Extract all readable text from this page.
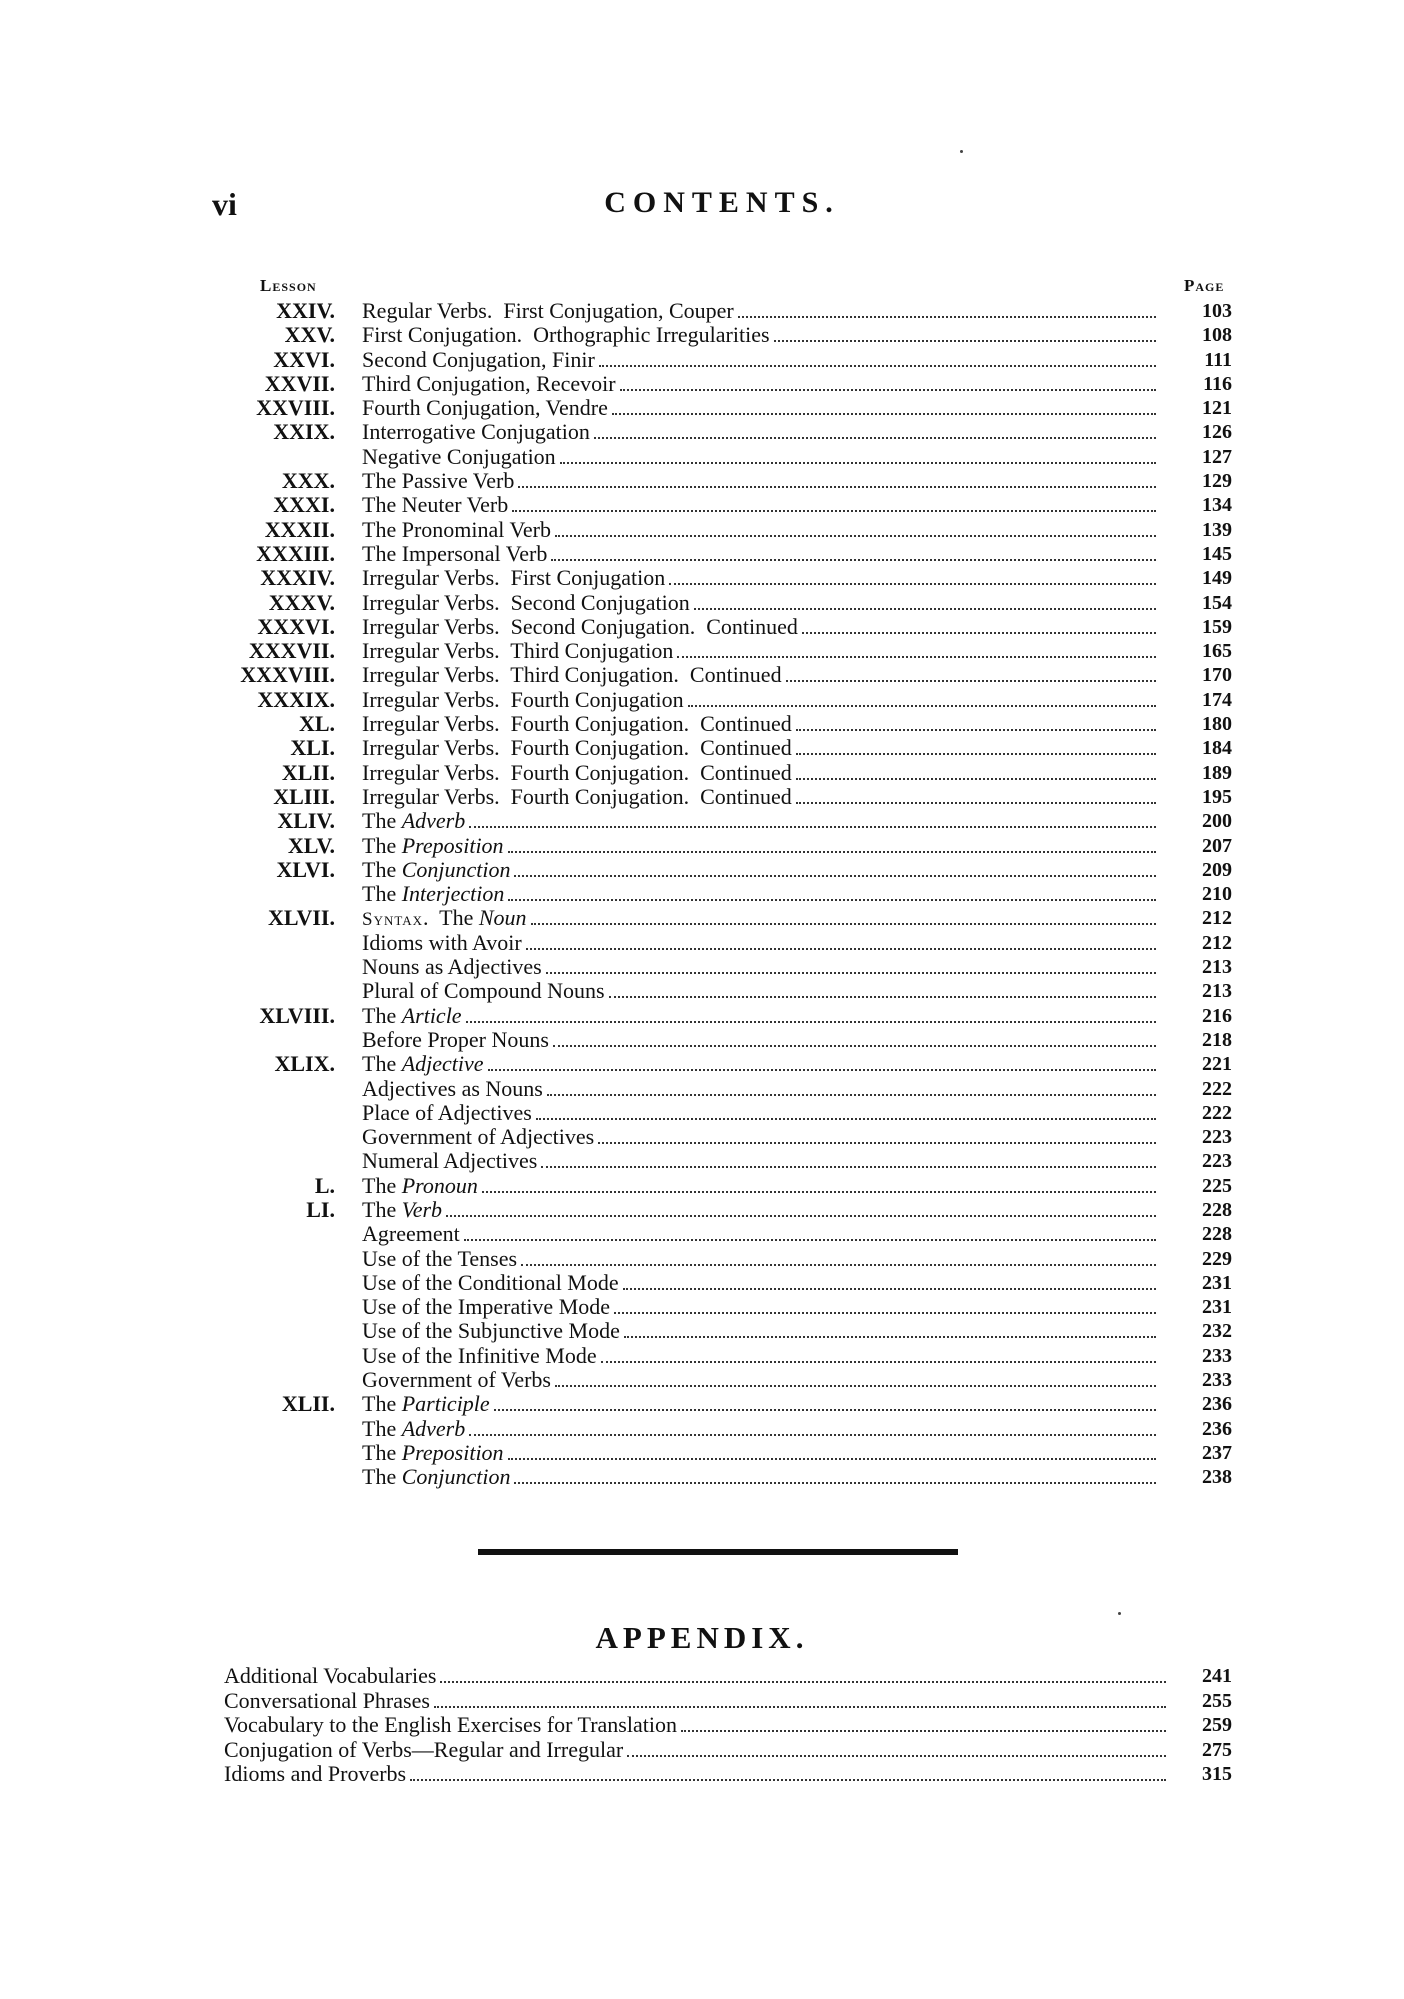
vi	CONTENTS.
Lesson	Page
XXIV. Regular Verbs.  First Conjugation, Couper	103
XXV. First Conjugation.  Orthographic Irregularities	108
XXVI. Second Conjugation, Finir	111
XXVII. Third Conjugation, Recevoir	116
XXVIII. Fourth Conjugation, Vendre	121
XXIX. Interrogative Conjugation	126
Negative Conjugation	127
XXX. The Passive Verb	129
XXXI. The Neuter Verb	134
XXXII. The Pronominal Verb	139
XXXIII. The Impersonal Verb	145
XXXIV. Irregular Verbs.  First Conjugation	149
XXXV. Irregular Verbs.  Second Conjugation	154
XXXVI. Irregular Verbs.  Second Conjugation.  Continued	159
XXXVII. Irregular Verbs.  Third Conjugation	165
XXXVIII. Irregular Verbs.  Third Conjugation.  Continued	170
XXXIX. Irregular Verbs.  Fourth Conjugation	174
XL. Irregular Verbs.  Fourth Conjugation.  Continued	180
XLI. Irregular Verbs.  Fourth Conjugation.  Continued	184
XLII. Irregular Verbs.  Fourth Conjugation.  Continued	189
XLIII. Irregular Verbs.  Fourth Conjugation.  Continued	195
XLIV. The Adverb	200
XLV. The Preposition	207
XLVI. The Conjunction	209
The Interjection	210
XLVII. Syntax .  The Noun	212
Idioms with Avoir	212
Nouns as Adjectives	213
Plural of Compound Nouns	213
XLVIII. The Article	216
Before Proper Nouns	218
XLIX. The Adjective	221
Adjectives as Nouns	222
Place of Adjectives	222
Government of Adjectives	223
Numeral Adjectives	223
L. The Pronoun	225
LI. The Verb	228
Agreement	228
Use of the Tenses	229
Use of the Conditional Mode	231
Use of the Imperative Mode	231
Use of the Subjunctive Mode	232
Use of the Infinitive Mode	233
Government of Verbs	233
XLII. The Participle	236
The Adverb	236
The Preposition	237
The Conjunction	238
APPENDIX.
Additional Vocabularies	241
Conversational Phrases	255
Vocabulary to the English Exercises for Translation	259
Conjugation of Verbs—Regular and Irregular	275
Idioms and Proverbs	315
